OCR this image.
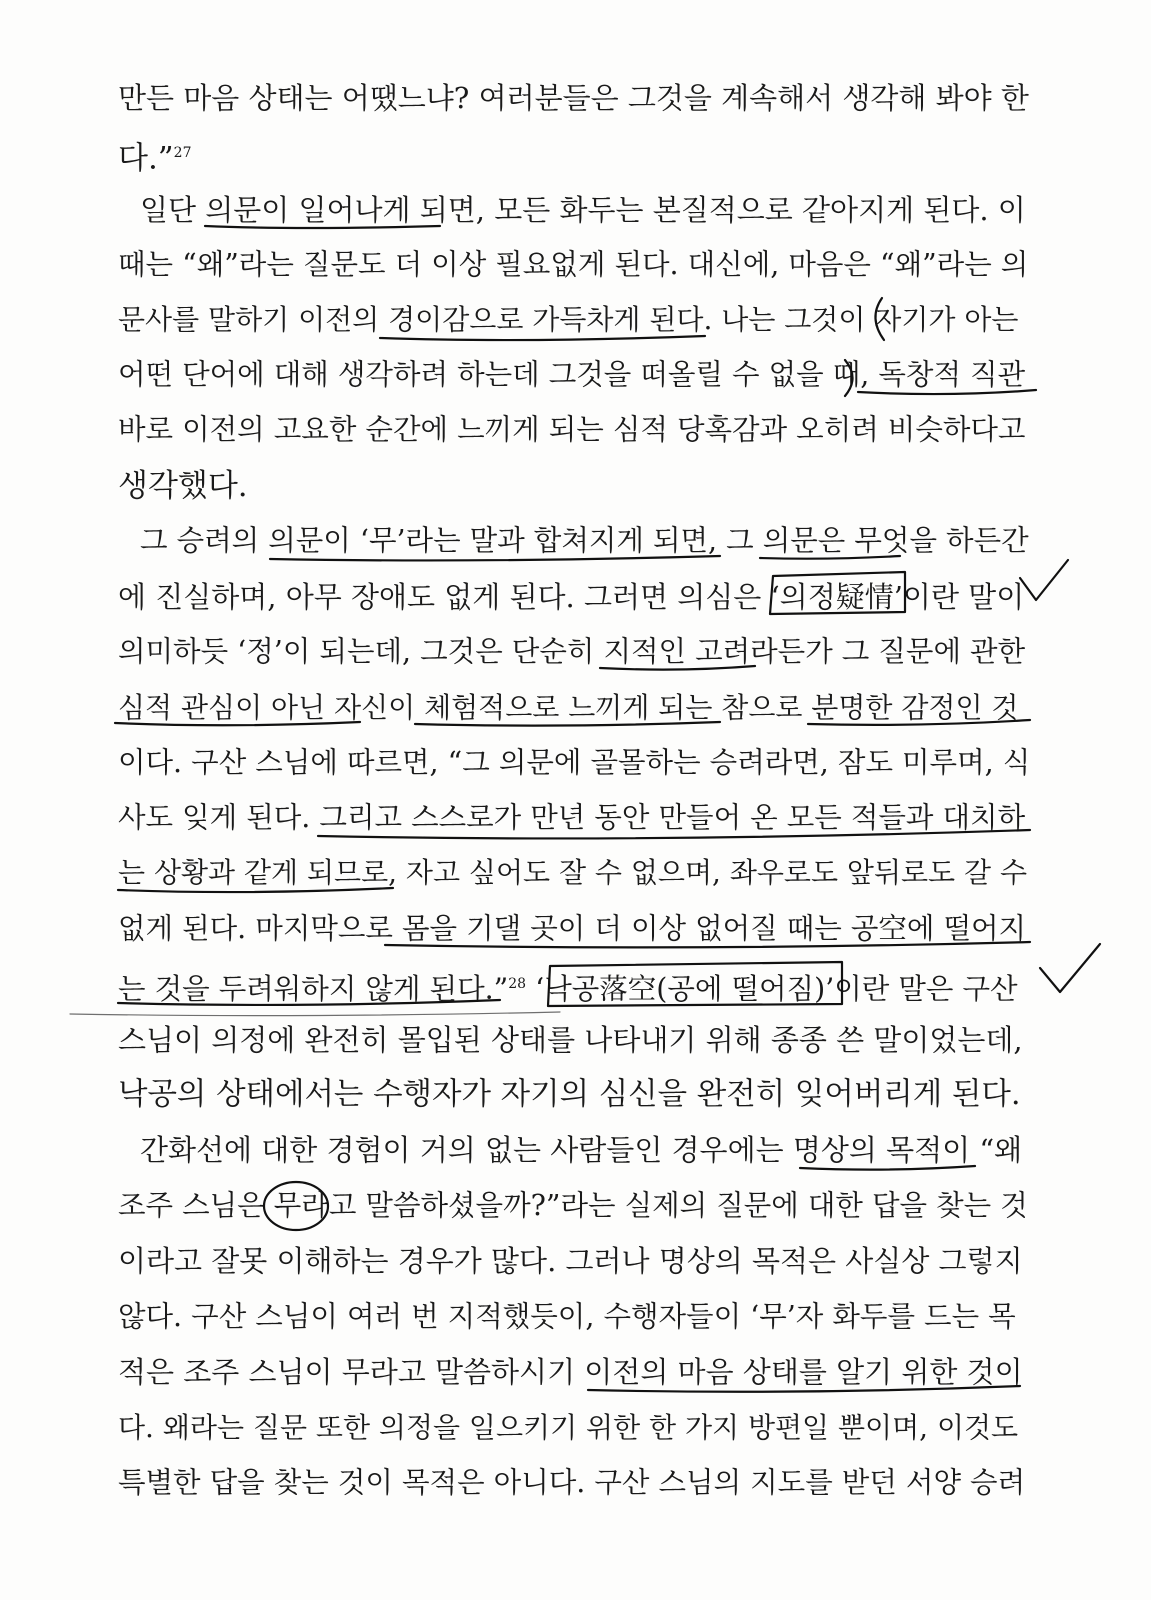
만든 마음 상태는 어땠느냐? 여러분들은 그것을 계속해서 생각해 봐야 한
다.”$^{27}$
일단 의문이 일어나게 되면, 모든 화두는 본질적으로 같아지게 된다. 이
때는 “왜”라는 질문도 더 이상 필요없게 된다. 대신에, 마음은 “왜”라는 의
문사를 말하기 이전의 경이감으로 가득차게 된다. 나는 그것이 자기가 아는
어떤 단어에 대해 생각하려 하는데 그것을 떠올릴 수 없을 때, 독창적 직관
바로 이전의 고요한 순간에 느끼게 되는 심적 당혹감과 오히려 비슷하다고
생각했다.
그 승려의 의문이 ‘무’라는 말과 합쳐지게 되면, 그 의문은 무엇을 하든간
에 진실하며, 아무 장애도 없게 된다. 그러면 의심은 ‘의정疑情’이란 말이
의미하듯 ‘정’이 되는데, 그것은 단순히 지적인 고려라든가 그 질문에 관한
심적 관심이 아닌 자신이 체험적으로 느끼게 되는 참으로 분명한 감정인 것
이다. 구산 스님에 따르면, “그 의문에 골몰하는 승려라면, 잠도 미루며, 식
사도 잊게 된다. 그리고 스스로가 만년 동안 만들어 온 모든 적들과 대치하
는 상황과 같게 되므로, 자고 싶어도 잘 수 없으며, 좌우로도 앞뒤로도 갈 수
없게 된다. 마지막으로 몸을 기댈 곳이 더 이상 없어질 때는 공空에 떨어지
는 것을 두려워하지 않게 된다.”$^{28}$ ‘낙공落空(공에 떨어짐)’이란 말은 구산
스님이 의정에 완전히 몰입된 상태를 나타내기 위해 종종 쓴 말이었는데,
낙공의 상태에서는 수행자가 자기의 심신을 완전히 잊어버리게 된다.
간화선에 대한 경험이 거의 없는 사람들인 경우에는 명상의 목적이 “왜
조주 스님은 무라고 말씀하셨을까?”라는 실제의 질문에 대한 답을 찾는 것
이라고 잘못 이해하는 경우가 많다. 그러나 명상의 목적은 사실상 그렇지
않다. 구산 스님이 여러 번 지적했듯이, 수행자들이 ‘무’자 화두를 드는 목
적은 조주 스님이 무라고 말씀하시기 이전의 마음 상태를 알기 위한 것이
다. 왜라는 질문 또한 의정을 일으키기 위한 한 가지 방편일 뿐이며, 이것도
특별한 답을 찾는 것이 목적은 아니다. 구산 스님의 지도를 받던 서양 승려
